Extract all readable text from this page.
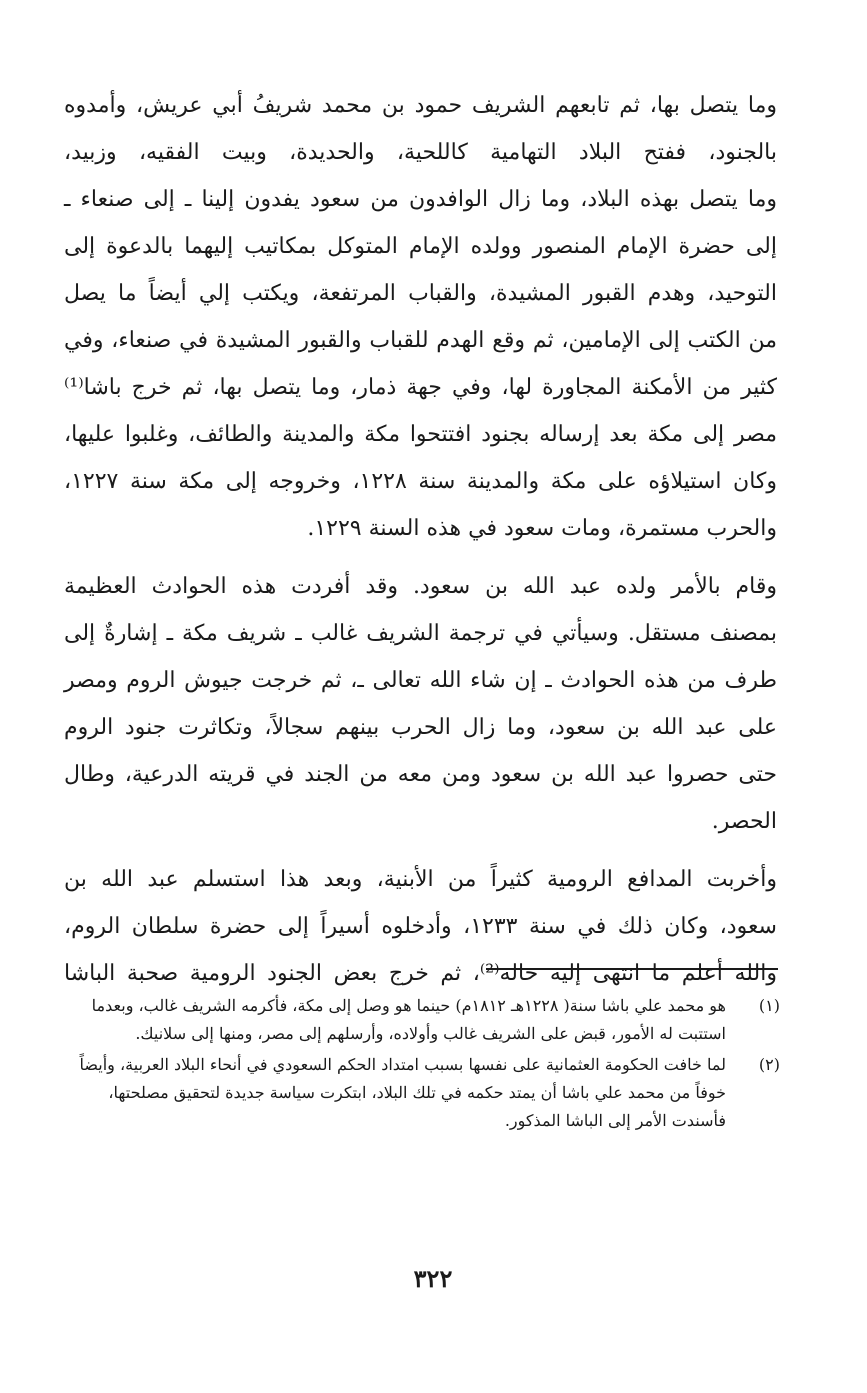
وما يتصل بها، ثم تابعهم الشريف حمود بن محمد شريفُ أبي عريش، وأمدوه
بالجنود، ففتح البلاد التهامية كاللحية، والحديدة، وبيت الفقيه، وزبيد،
وما يتصل بهذه البلاد، وما زال الوافدون من سعود يفدون إلينا ـ إلى صنعاء ـ
إلى حضرة الإمام المنصور وولده الإمام المتوكل بمكاتيب إليهما بالدعوة إلى
التوحيد، وهدم القبور المشيدة، والقباب المرتفعة، ويكتب إلي أيضاً ما يصل
من الكتب إلى الإمامين، ثم وقع الهدم للقباب والقبور المشيدة في صنعاء، وفي
كثير من الأمكنة المجاورة لها، وفي جهة ذمار، وما يتصل بها، ثم خرج باشا⁽¹⁾
مصر إلى مكة بعد إرساله بجنود افتتحوا مكة والمدينة والطائف، وغلبوا عليها،
وكان استيلاؤه على مكة والمدينة سنة ١٢٢٨، وخروجه إلى مكة سنة ١٢٢٧،
والحرب مستمرة، ومات سعود في هذه السنة ١٢٢٩.

وقام بالأمر ولده عبد الله بن سعود. وقد أفردت هذه الحوادث العظيمة
بمصنف مستقل. وسيأتي في ترجمة الشريف غالب ـ شريف مكة ـ إشارةٌ إلى
طرف من هذه الحوادث ـ إن شاء الله تعالى ـ، ثم خرجت جيوش الروم ومصر
على عبد الله بن سعود، وما زال الحرب بينهم سجالاً، وتكاثرت جنود الروم
حتى حصروا عبد الله بن سعود ومن معه من الجند في قريته الدرعية، وطال
الحصر.

وأخربت المدافع الرومية كثيراً من الأبنية، وبعد هذا استسلم عبد الله بن
سعود، وكان ذلك في سنة ١٢٣٣، وأدخلوه أسيراً إلى حضرة سلطان الروم،
والله أعلم ما انتهى إليه حاله⁽²⁾، ثم خرج بعض الجنود الرومية صحبة الباشا

(١)
هو محمد علي باشا سنة( ١٢٢٨هـ ١٨١٢م) حينما هو وصل إلى مكة، فأكرمه الشريف غالب، وبعدما استتبت له الأمور، قبض على الشريف غالب وأولاده، وأرسلهم إلى مصر، ومنها إلى سلانيك.
(٢)
لما خافت الحكومة العثمانية على نفسها بسبب امتداد الحكم السعودي في أنحاء البلاد العربية، وأيضاً خوفاً من محمد علي باشا أن يمتد حكمه في تلك البلاد، ابتكرت سياسة جديدة لتحقيق مصلحتها، فأسندت الأمر إلى الباشا المذكور.
٣٢٢
